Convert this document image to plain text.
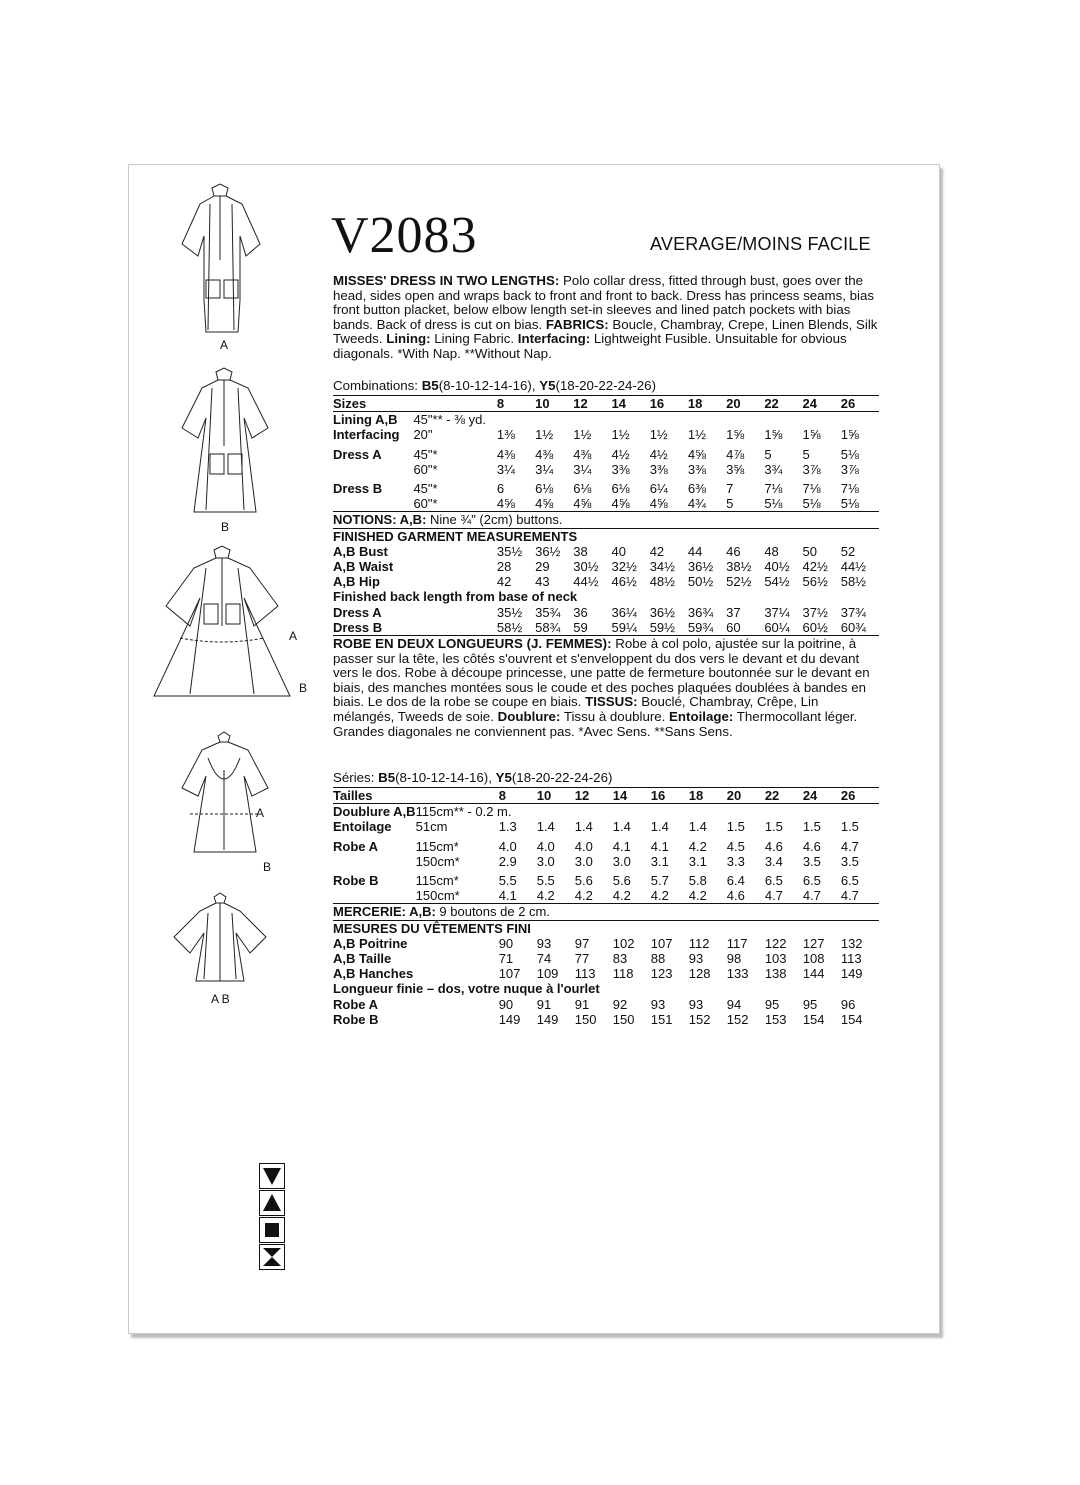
V2083	AVERAGE/MOINS FACILE
A
B
A
B
A
B
A B
MISSES' DRESS IN TWO LENGTHS: Polo collar dress, fitted through bust, goes over the head, sides open and wraps back to front and front to back. Dress has princess seams, bias front button placket, below elbow length set-in sleeves and lined patch pockets with bias bands. Back of dress is cut on bias. FABRICS: Boucle, Chambray, Crepe, Linen Blends, Silk Tweeds. Lining: Lining Fabric. Interfacing: Lightweight Fusible. Unsuitable for obvious diagonals. *With Nap. **Without Nap.
Combinations: B5(8-10-12-14-16), Y5(18-20-22-24-26)
Sizes		8	10	12	14	16	18	20	22	24	26
Lining A,B	45"** - ⅜ yd.										
Interfacing	20"	1⅜	1½	1½	1½	1½	1½	1⅝	1⅝	1⅝	1⅝

Dress A	45"*	4⅜	4⅜	4⅜	4½	4½	4⅝	4⅞	5	5	5⅛
	60"*	3¼	3¼	3¼	3⅜	3⅜	3⅜	3⅝	3¾	3⅞	3⅞

Dress B	45"*	6	6⅛	6⅛	6⅛	6¼	6⅜	7	7⅛	7⅛	7⅛
	60"*	4⅝	4⅝	4⅝	4⅝	4⅝	4¾	5	5⅛	5⅛	5⅛
NOTIONS: A,B: Nine ¾" (2cm) buttons.											
FINISHED GARMENT MEASUREMENTS											
A,B Bust		35½	36½	38	40	42	44	46	48	50	52
A,B Waist		28	29	30½	32½	34½	36½	38½	40½	42½	44½
A,B Hip		42	43	44½	46½	48½	50½	52½	54½	56½	58½
Finished back length from base of neck											
Dress A		35½	35¾	36	36¼	36½	36¾	37	37¼	37½	37¾
Dress B		58½	58¾	59	59¼	59½	59¾	60	60¼	60½	60¾
ROBE EN DEUX LONGUEURS (J. FEMMES): Robe à col polo, ajustée sur la poitrine, à passer sur la tête, les côtés s'ouvrent et s'enveloppent du dos vers le devant et du devant vers le dos. Robe à découpe princesse, une patte de fermeture boutonnée sur le devant en biais, des manches montées sous le coude et des poches plaquées doublées à bandes en biais. Le dos de la robe se coupe en biais. TISSUS: Bouclé, Chambray, Crêpe, Lin mélangés, Tweeds de soie. Doublure: Tissu à doublure. Entoilage: Thermocollant léger. Grandes diagonales ne conviennent pas. *Avec Sens. **Sans Sens.
Séries: B5(8-10-12-14-16), Y5(18-20-22-24-26)
Tailles		8	10	12	14	16	18	20	22	24	26
Doublure A,B	115cm** - 0.2 m.										
Entoilage	51cm	1.3	1.4	1.4	1.4	1.4	1.4	1.5	1.5	1.5	1.5

Robe A	115cm*	4.0	4.0	4.0	4.1	4.1	4.2	4.5	4.6	4.6	4.7
	150cm*	2.9	3.0	3.0	3.0	3.1	3.1	3.3	3.4	3.5	3.5

Robe B	115cm*	5.5	5.5	5.6	5.6	5.7	5.8	6.4	6.5	6.5	6.5
	150cm*	4.1	4.2	4.2	4.2	4.2	4.2	4.6	4.7	4.7	4.7
MERCERIE: A,B: 9 boutons de 2 cm.											
MESURES DU VÊTEMENTS FINI											
A,B Poitrine		90	93	97	102	107	112	117	122	127	132
A,B Taille		71	74	77	83	88	93	98	103	108	113
A,B Hanches		107	109	113	118	123	128	133	138	144	149
Longueur finie – dos, votre nuque à l'ourlet											
Robe A		90	91	91	92	93	93	94	95	95	96
Robe B		149	149	150	150	151	152	152	153	154	154
